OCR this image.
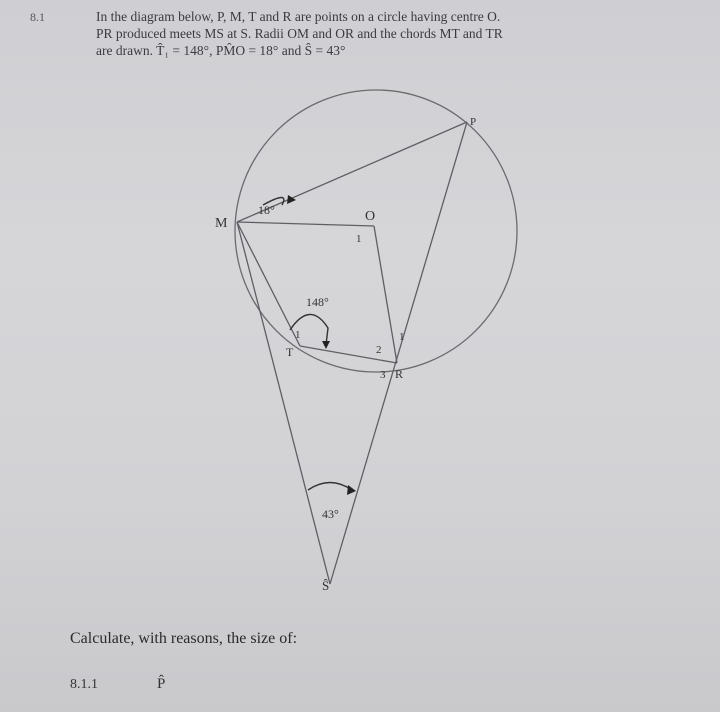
8.1	In the diagram below, P, M, T and R are points on a circle having centre O.

PR produced meets MS at S. Radii OM and OR and the chords MT and TR

are drawn. T̂₁ = 148°, PM̂O = 18° and Ŝ = 43°

M	O
P
T
R
Ŝ
18°
148°
43°
1
1	1
2
3
Calculate, with reasons, the size of:
8.1.1	P̂
